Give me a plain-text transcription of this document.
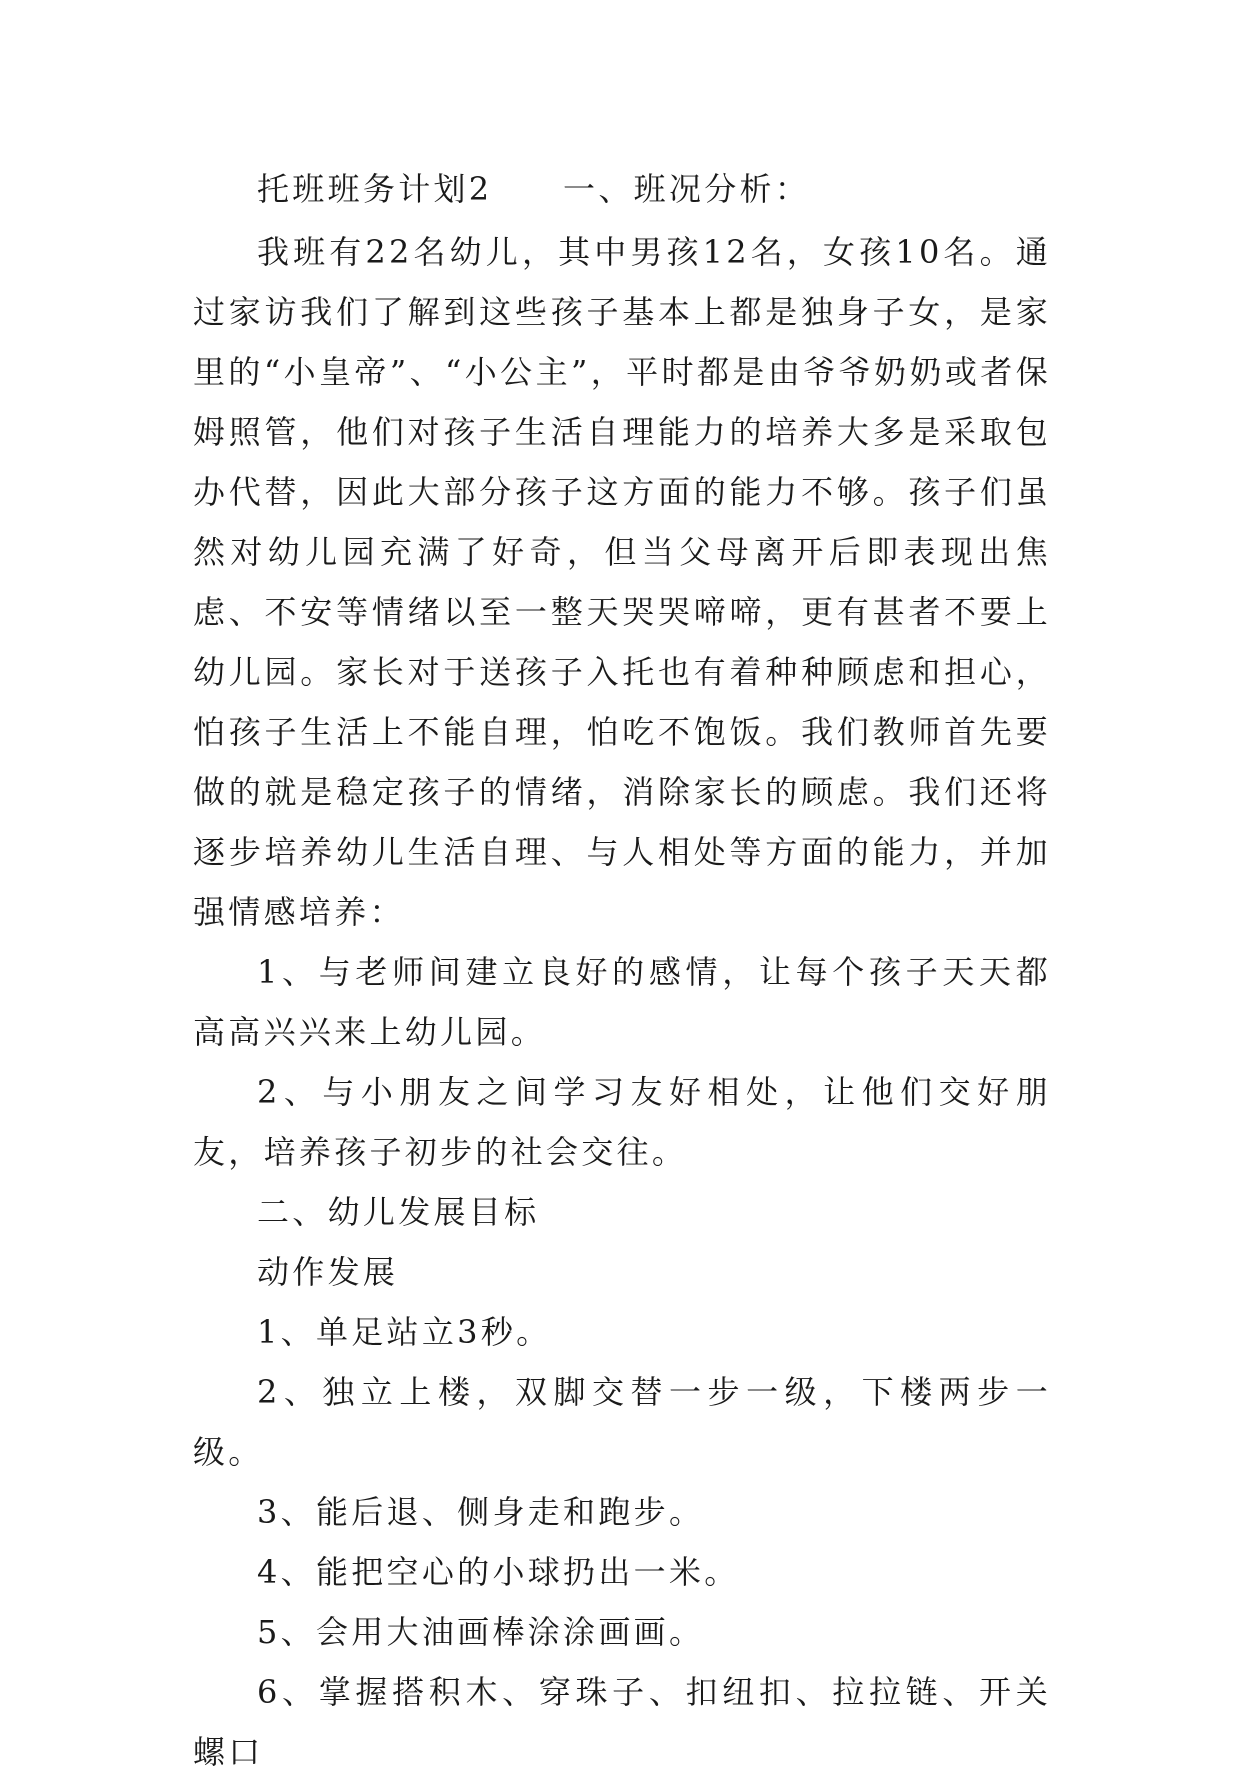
托班班务计划2　　一、班况分析：

我班有22名幼儿，其中男孩12名，女孩10名。通过家访我们了解到这些孩子基本上都是独身子女，是家里的“小皇帝”、“小公主”，平时都是由爷爷奶奶或者保姆照管，他们对孩子生活自理能力的培养大多是采取包办代替，因此大部分孩子这方面的能力不够。孩子们虽然对幼儿园充满了好奇，但当父母离开后即表现出焦虑、不安等情绪以至一整天哭哭啼啼，更有甚者不要上幼儿园。家长对于送孩子入托也有着种种顾虑和担心，怕孩子生活上不能自理，怕吃不饱饭。我们教师首先要做的就是稳定孩子的情绪，消除家长的顾虑。我们还将逐步培养幼儿生活自理、与人相处等方面的能力，并加强情感培养：

1、与老师间建立良好的感情，让每个孩子天天都高高兴兴来上幼儿园。

2、与小朋友之间学习友好相处，让他们交好朋友，培养孩子初步的社会交往。

二、幼儿发展目标

动作发展

1、单足站立3秒。

2、独立上楼，双脚交替一步一级，下楼两步一级。

3、能后退、侧身走和跑步。

4、能把空心的小球扔出一米。

5、会用大油画棒涂涂画画。

6、掌握搭积木、穿珠子、扣纽扣、拉拉链、开关螺口
